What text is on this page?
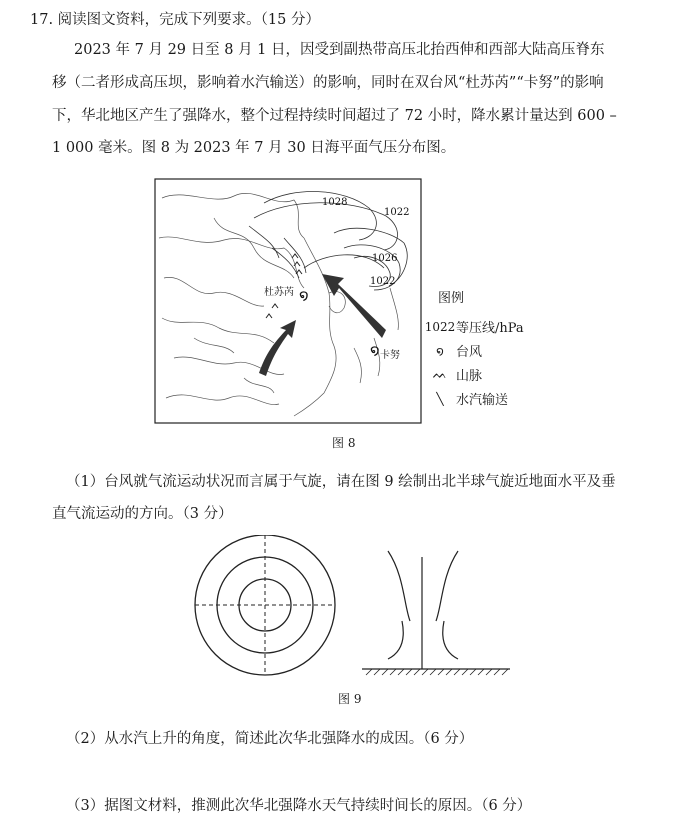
17. 阅读图文资料，完成下列要求。（15 分）
2023 年 7 月 29 日至 8 月 1 日，因受到副热带高压北抬西伸和西部大陆高压脊东
移（二者形成高压坝，影响着水汽输送）的影响，同时在双台风“杜苏芮”“卡努”的影响
下，华北地区产生了强降水，整个过程持续时间超过了 72 小时，降水累计量达到 600 –
1 000 毫米。图 8 为 2023 年 7 月 30 日海平面气压分布图。
1028
1022
1026
1022
໑
杜苏芮
໑ 卡努
图例
1022 等压线/hPa
໑ 台风
ᨓ 山脉
╲ 水汽输送
图 8
（1）台风就气流运动状况而言属于气旋，请在图 9 绘制出北半球气旋近地面水平及垂
直气流运动的方向。（3 分）
图 9
（2）从水汽上升的角度，简述此次华北强降水的成因。（6 分）
（3）据图文材料，推测此次华北强降水天气持续时间长的原因。（6 分）
